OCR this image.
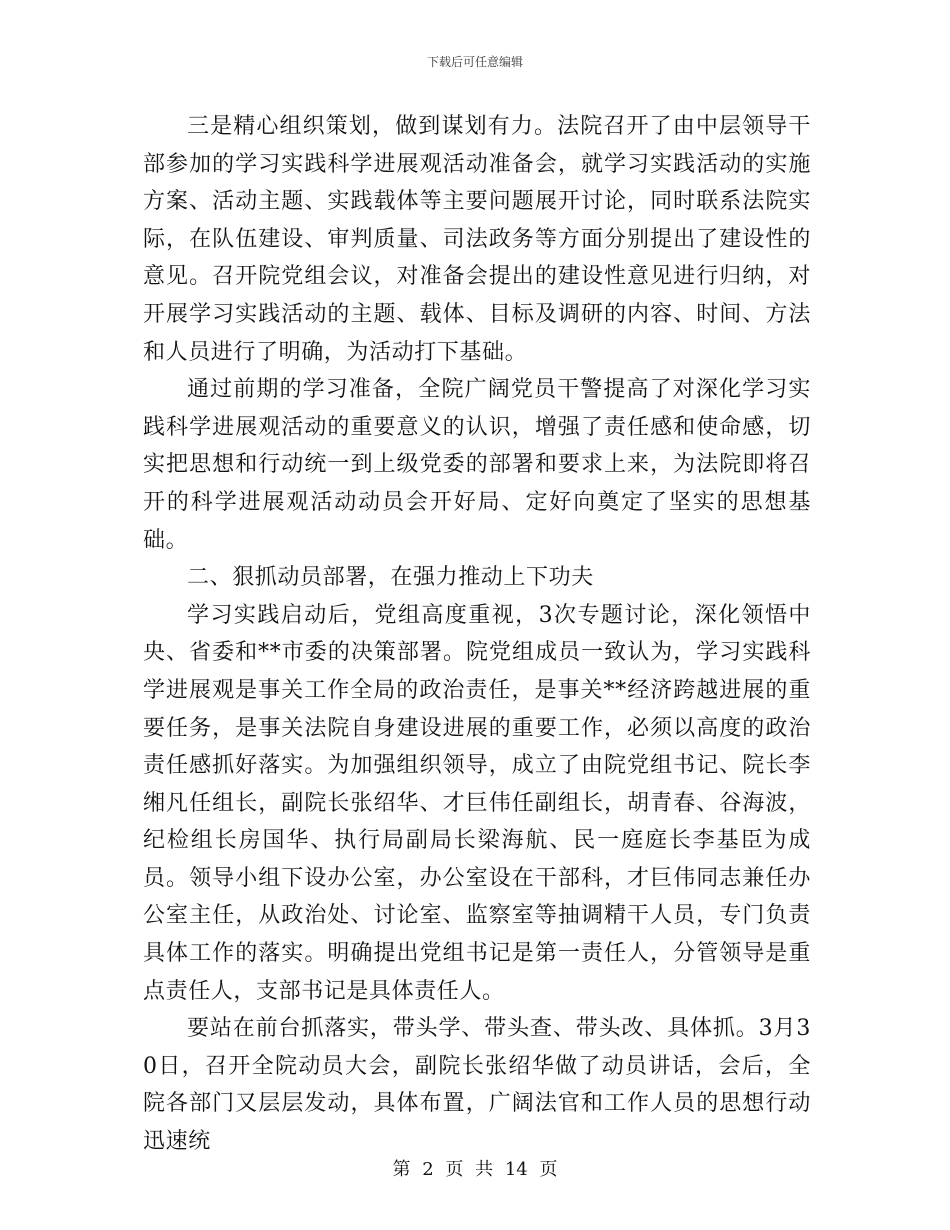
下载后可任意编辑

三是精心组织策划，做到谋划有力。法院召开了由中层领导干部参加的学习实践科学进展观活动准备会，就学习实践活动的实施方案、活动主题、实践载体等主要问题展开讨论，同时联系法院实际，在队伍建设、审判质量、司法政务等方面分别提出了建设性的意见。召开院党组会议，对准备会提出的建设性意见进行归纳，对开展学习实践活动的主题、载体、目标及调研的内容、时间、方法和人员进行了明确，为活动打下基础。

通过前期的学习准备，全院广阔党员干警提高了对深化学习实践科学进展观活动的重要意义的认识，增强了责任感和使命感，切实把思想和行动统一到上级党委的部署和要求上来，为法院即将召开的科学进展观活动动员会开好局、定好向奠定了坚实的思想基础。

二、狠抓动员部署，在强力推动上下功夫

学习实践启动后，党组高度重视，3次专题讨论，深化领悟中央、省委和**市委的决策部署。院党组成员一致认为，学习实践科学进展观是事关工作全局的政治责任，是事关**经济跨越进展的重要任务，是事关法院自身建设进展的重要工作，必须以高度的政治责任感抓好落实。为加强组织领导，成立了由院党组书记、院长李缃凡任组长，副院长张绍华、才巨伟任副组长，胡青春、谷海波，纪检组长房国华、执行局副局长梁海航、民一庭庭长李基臣为成员。领导小组下设办公室，办公室设在干部科，才巨伟同志兼任办公室主任，从政治处、讨论室、监察室等抽调精干人员，专门负责具体工作的落实。明确提出党组书记是第一责任人，分管领导是重点责任人，支部书记是具体责任人。

要站在前台抓落实，带头学、带头查、带头改、具体抓。3月30日，召开全院动员大会，副院长张绍华做了动员讲话，会后，全院各部门又层层发动，具体布置，广阔法官和工作人员的思想行动迅速统

第 2 页 共 14 页
